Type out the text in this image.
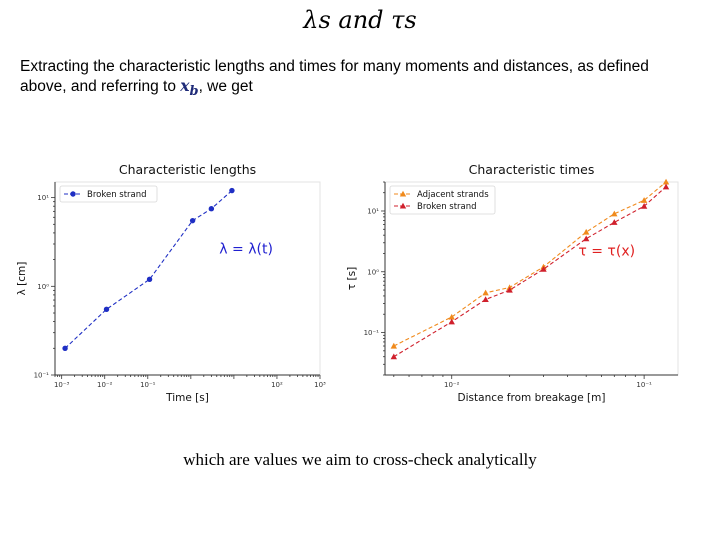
λs and τs
Extracting the characteristic lengths and times for many moments and distances, as defined above, and referring to $x_b$, we get
10⁻³	10⁻²	10⁻¹	10²	10³
10⁻¹
10⁰
10¹
Characteristic lengths
Time [s]
λ [cm]
Broken strand
λ = λ(t)
10⁻²	10⁻¹
10⁻¹
10⁰
10¹
Characteristic times
Distance from breakage [m]
τ [s]
Adjacent strands
Broken strand
τ = τ(x)
which are values we aim to cross-check analytically
